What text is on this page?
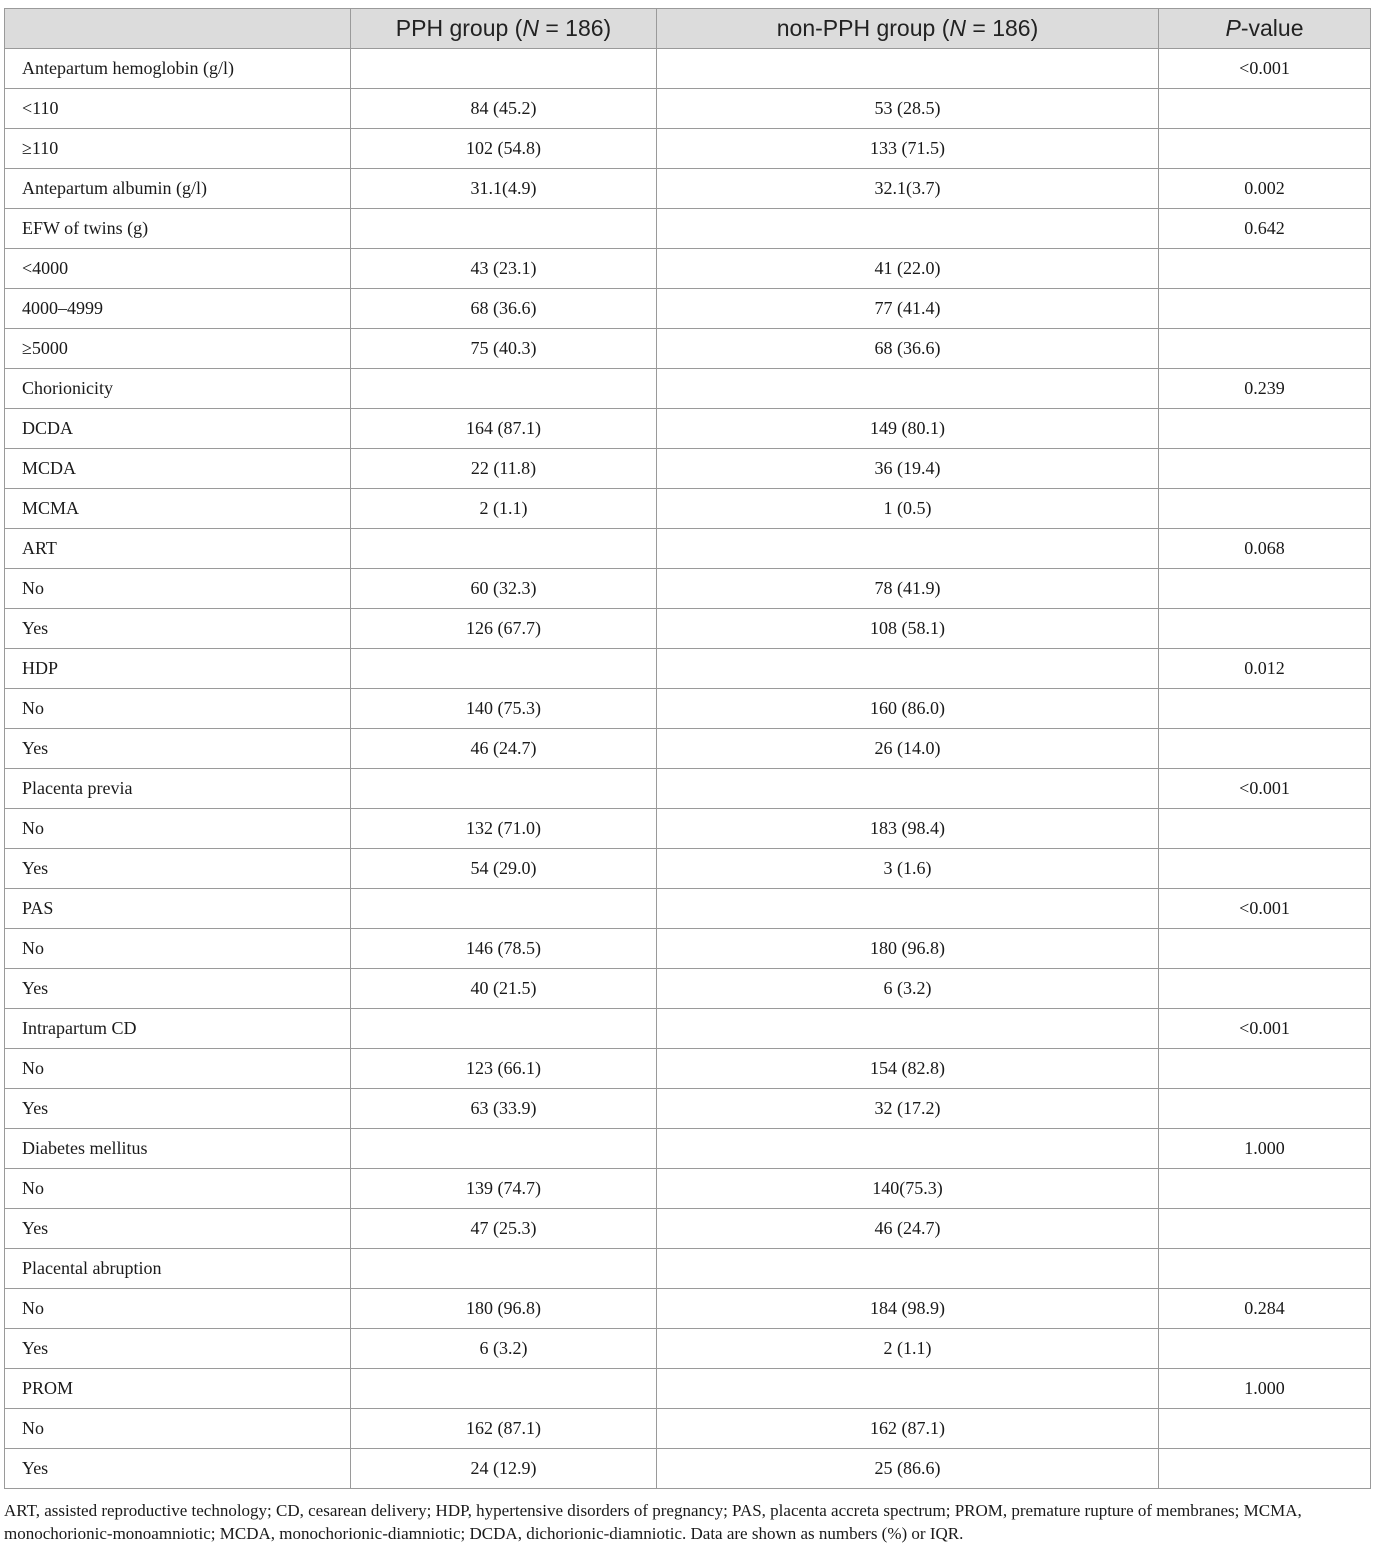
	PPH group (N = 186)	non-PPH group (N = 186)	P-value
Antepartum hemoglobin (g/l)			<0.001
<110	84 (45.2)	53 (28.5)	
≥110	102 (54.8)	133 (71.5)	
Antepartum albumin (g/l)	31.1(4.9)	32.1(3.7)	0.002
EFW of twins (g)			0.642
<4000	43 (23.1)	41 (22.0)	
4000–4999	68 (36.6)	77 (41.4)	
≥5000	75 (40.3)	68 (36.6)	
Chorionicity			0.239
DCDA	164 (87.1)	149 (80.1)	
MCDA	22 (11.8)	36 (19.4)	
MCMA	2 (1.1)	1 (0.5)	
ART			0.068
No	60 (32.3)	78 (41.9)	
Yes	126 (67.7)	108 (58.1)	
HDP			0.012
No	140 (75.3)	160 (86.0)	
Yes	46 (24.7)	26 (14.0)	
Placenta previa			<0.001
No	132 (71.0)	183 (98.4)	
Yes	54 (29.0)	3 (1.6)	
PAS			<0.001
No	146 (78.5)	180 (96.8)	
Yes	40 (21.5)	6 (3.2)	
Intrapartum CD			<0.001
No	123 (66.1)	154 (82.8)	
Yes	63 (33.9)	32 (17.2)	
Diabetes mellitus			1.000
No	139 (74.7)	140(75.3)	
Yes	47 (25.3)	46 (24.7)	
Placental abruption			
No	180 (96.8)	184 (98.9)	0.284
Yes	6 (3.2)	2 (1.1)	
PROM			1.000
No	162 (87.1)	162 (87.1)	
Yes	24 (12.9)	25 (86.6)	
ART, assisted reproductive technology; CD, cesarean delivery; HDP, hypertensive disorders of pregnancy; PAS, placenta accreta spectrum; PROM, premature rupture of membranes; MCMA, monochorionic-monoamniotic; MCDA, monochorionic-diamniotic; DCDA, dichorionic-diamniotic. Data are shown as numbers (%) or IQR.
